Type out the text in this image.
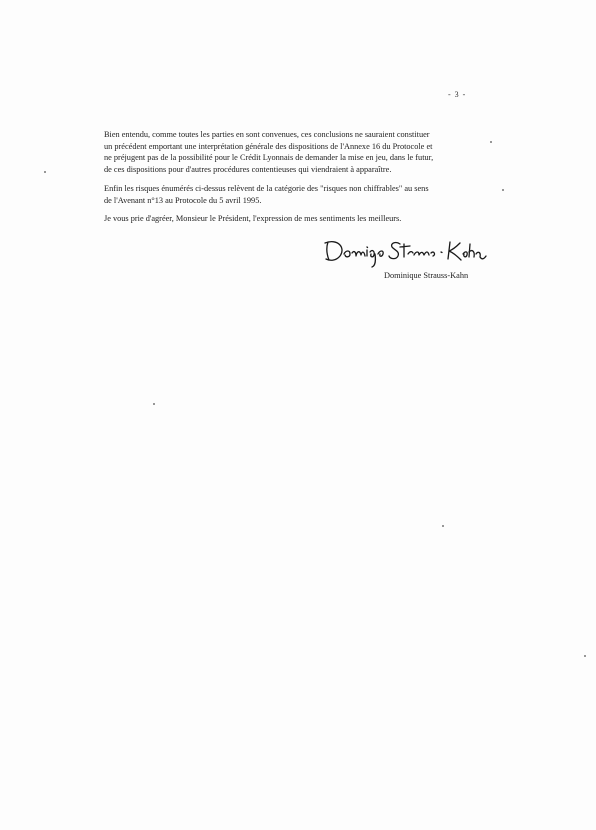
- 3 -

Bien entendu, comme toutes les parties en sont convenues, ces conclusions ne sauraient constituer
un précédent emportant une interprétation générale des dispositions de l'Annexe 16 du Protocole et
ne préjugent pas de la possibilité pour le Crédit Lyonnais de demander la mise en jeu, dans le futur,
de ces dispositions pour d'autres procédures contentieuses qui viendraient à apparaître.

Enfin les risques énumérés ci-dessus relèvent de la catégorie des "risques non chiffrables" au sens
de l'Avenant n°13 au Protocole du 5 avril 1995.

Je vous prie d'agréer, Monsieur le Président, l'expression de mes sentiments les meilleurs.

Dominique Strauss-Kahn
